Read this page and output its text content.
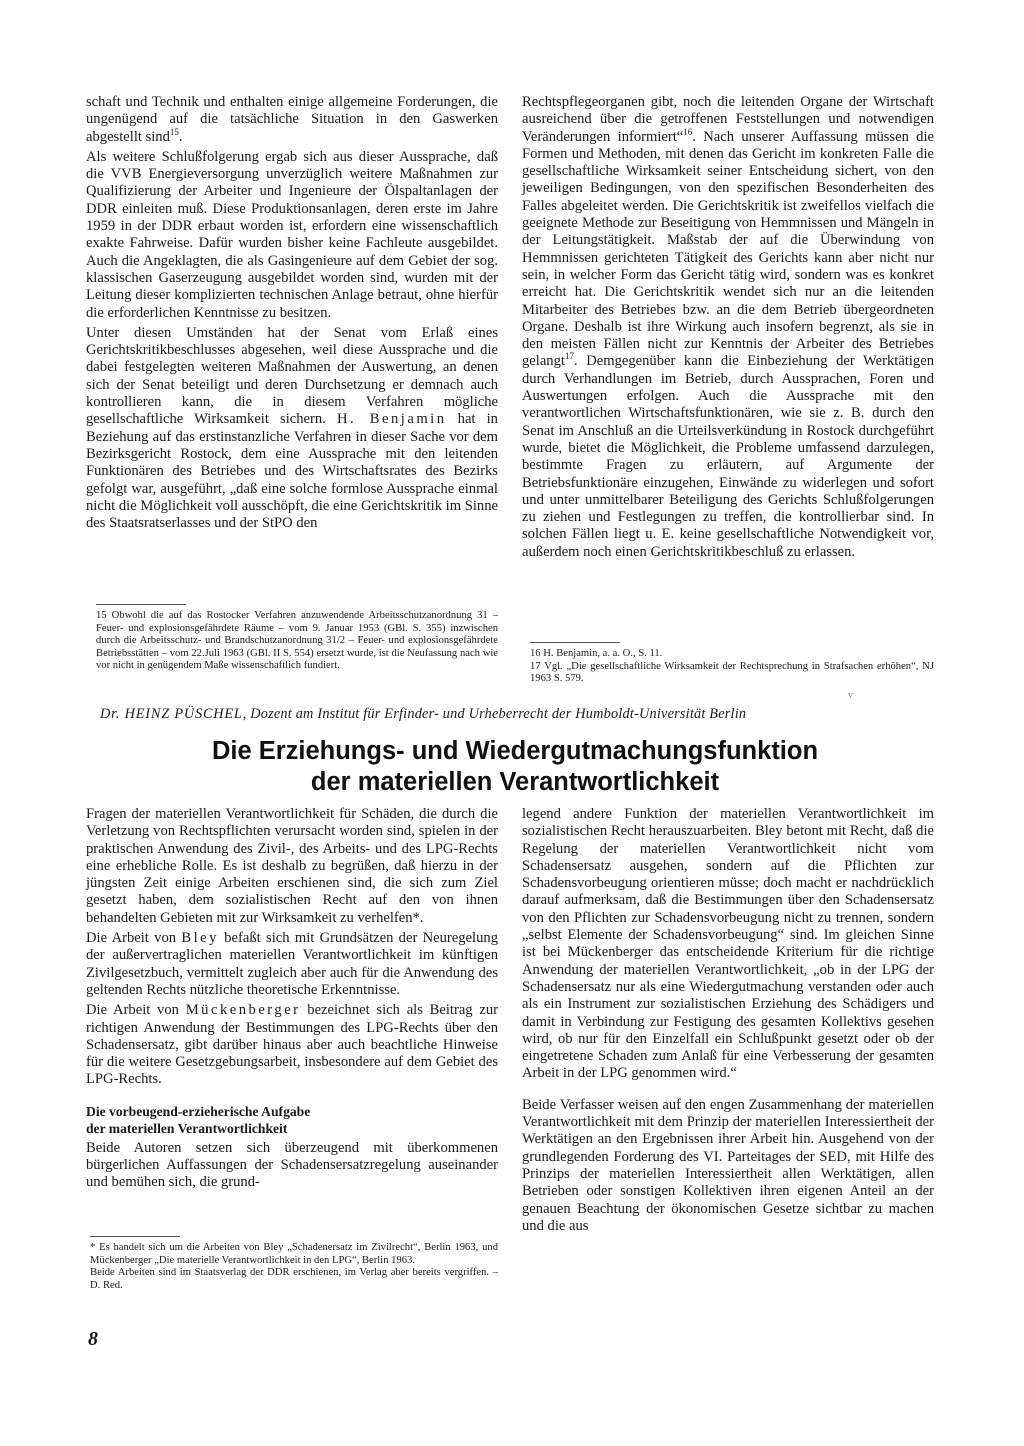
schaft und Technik und enthalten einige allgemeine Forderungen, die ungenügend auf die tatsächliche Situation in den Gaswerken abgestellt sind$^{15}$.

Als weitere Schlußfolgerung ergab sich aus dieser Aussprache, daß die VVB Energieversorgung unverzüglich weitere Maßnahmen zur Qualifizierung der Arbeiter und Ingenieure der Ölspaltanlagen der DDR einleiten muß. Diese Produktionsanlagen, deren erste im Jahre 1959 in der DDR erbaut worden ist, erfordern eine wissenschaftlich exakte Fahrweise. Dafür wurden bisher keine Fachleute ausgebildet. Auch die Angeklagten, die als Gasingenieure auf dem Gebiet der sog. klassischen Gaserzeugung ausgebildet worden sind, wurden mit der Leitung dieser komplizierten technischen Anlage betraut, ohne hierfür die erforderlichen Kenntnisse zu besitzen.

Unter diesen Umständen hat der Senat vom Erlaß eines Gerichtskritikbeschlusses abgesehen, weil diese Aussprache und die dabei festgelegten weiteren Maßnahmen der Auswertung, an denen sich der Senat beteiligt und deren Durchsetzung er demnach auch kontrollieren kann, die in diesem Verfahren mögliche gesellschaftliche Wirksamkeit sichern. H. Benjamin hat in Beziehung auf das erstinstanzliche Verfahren in dieser Sache vor dem Bezirksgericht Rostock, dem eine Aussprache mit den leitenden Funktionären des Betriebes und des Wirtschaftsrates des Bezirks gefolgt war, ausgeführt, „daß eine solche formlose Aussprache einmal nicht die Möglichkeit voll ausschöpft, die eine Gerichtskritik im Sinne des Staatsratserlasses und der StPO den

15 Obwohl die auf das Rostocker Verfahren anzuwendende Arbeitsschutzanordnung 31 – Feuer- und explosionsgefährdete Räume – vom 9. Januar 1953 (GBl. S. 355) inzwischen durch die Arbeitsschutz- und Brandschutzanordnung 31/2 – Feuer- und explosionsgefährdete Betriebsstätten – vom 22.Juli 1963 (GBl. II S. 554) ersetzt wurde, ist die Neufassung nach wie vor nicht in genügendem Maße wissenschaftlich fundiert.

Rechtspflegeorganen gibt, noch die leitenden Organe der Wirtschaft ausreichend über die getroffenen Feststellungen und notwendigen Veränderungen informiert“$^{16}$. Nach unserer Auffassung müssen die Formen und Methoden, mit denen das Gericht im konkreten Falle die gesellschaftliche Wirksamkeit seiner Entscheidung sichert, von den jeweiligen Bedingungen, von den spezifischen Besonderheiten des Falles abgeleitet werden. Die Gerichtskritik ist zweifellos vielfach die geeignete Methode zur Beseitigung von Hemmnissen und Mängeln in der Leitungstätigkeit. Maßstab der auf die Überwindung von Hemmnissen gerichteten Tätigkeit des Gerichts kann aber nicht nur sein, in welcher Form das Gericht tätig wird, sondern was es konkret erreicht hat. Die Gerichtskritik wendet sich nur an die leitenden Mitarbeiter des Betriebes bzw. an die dem Betrieb übergeordneten Organe. Deshalb ist ihre Wirkung auch insofern begrenzt, als sie in den meisten Fällen nicht zur Kenntnis der Arbeiter des Betriebes gelangt$^{17}$. Demgegenüber kann die Einbeziehung der Werktätigen durch Verhandlungen im Betrieb, durch Aussprachen, Foren und Auswertungen erfolgen. Auch die Aussprache mit den verantwortlichen Wirtschaftsfunktionären, wie sie z. B. durch den Senat im Anschluß an die Urteilsverkündung in Rostock durchgeführt wurde, bietet die Möglichkeit, die Probleme umfassend darzulegen, bestimmte Fragen zu erläutern, auf Argumente der Betriebsfunktionäre einzugehen, Einwände zu widerlegen und sofort und unter unmittelbarer Beteiligung des Gerichts Schlußfolgerungen zu ziehen und Festlegungen zu treffen, die kontrollierbar sind. In solchen Fällen liegt u. E. keine gesellschaftliche Notwendigkeit vor, außerdem noch einen Gerichtskritikbeschluß zu erlassen.

16 H. Benjamin, a. a. O., S. 11.

17 Vgl. „Die gesellschaftliche Wirksamkeit der Rechtsprechung in Strafsachen erhöhen“, NJ 1963 S. 579.

v
Dr. HEINZ PÜSCHEL, Dozent am Institut für Erfinder- und Urheberrecht der Humboldt-Universität Berlin
Die Erziehungs- und Wiedergutmachungsfunktion
der materiellen Verantwortlichkeit

Fragen der materiellen Verantwortlichkeit für Schäden, die durch die Verletzung von Rechtspflichten verursacht worden sind, spielen in der praktischen Anwendung des Zivil-, des Arbeits- und des LPG-Rechts eine erhebliche Rolle. Es ist deshalb zu begrüßen, daß hierzu in der jüngsten Zeit einige Arbeiten erschienen sind, die sich zum Ziel gesetzt haben, dem sozialistischen Recht auf den von ihnen behandelten Gebieten mit zur Wirksamkeit zu verhelfen*.

Die Arbeit von Bley befaßt sich mit Grundsätzen der Neuregelung der außervertraglichen materiellen Verantwortlichkeit im künftigen Zivilgesetzbuch, vermittelt zugleich aber auch für die Anwendung des geltenden Rechts nützliche theoretische Erkenntnisse.

Die Arbeit von Mückenberger bezeichnet sich als Beitrag zur richtigen Anwendung der Bestimmungen des LPG-Rechts über den Schadensersatz, gibt darüber hinaus aber auch beachtliche Hinweise für die weitere Gesetzgebungsarbeit, insbesondere auf dem Gebiet des LPG-Rechts.

Die vorbeugend-erzieherische Aufgabe
der materiellen Verantwortlichkeit

Beide Autoren setzen sich überzeugend mit überkommenen bürgerlichen Auffassungen der Schadensersatzregelung auseinander und bemühen sich, die grund-

* Es handelt sich um die Arbeiten von Bley „Schadenersatz im Zivilrecht“, Berlin 1963, und Mückenberger „Die materielle Verantwortlichkeit in den LPG“, Berlin 1963.

Beide Arbeiten sind im Staatsverlag der DDR erschienen, im Verlag aber bereits vergriffen. – D. Red.

legend andere Funktion der materiellen Verantwortlichkeit im sozialistischen Recht herauszuarbeiten. Bley betont mit Recht, daß die Regelung der materiellen Verantwortlichkeit nicht vom Schadensersatz ausgehen, sondern auf die Pflichten zur Schadensvorbeugung orientieren müsse; doch macht er nachdrücklich darauf aufmerksam, daß die Bestimmungen über den Schadensersatz von den Pflichten zur Schadensvorbeugung nicht zu trennen, sondern „selbst Elemente der Schadensvorbeugung“ sind. Im gleichen Sinne ist bei Mückenberger das entscheidende Kriterium für die richtige Anwendung der materiellen Verantwortlichkeit, „ob in der LPG der Schadensersatz nur als eine Wiedergutmachung verstanden oder auch als ein Instrument zur sozialistischen Erziehung des Schädigers und damit in Verbindung zur Festigung des gesamten Kollektivs gesehen wird, ob nur für den Einzelfall ein Schlußpunkt gesetzt oder ob der eingetretene Schaden zum Anlaß für eine Verbesserung der gesamten Arbeit in der LPG genommen wird.“

Beide Verfasser weisen auf den engen Zusammenhang der materiellen Verantwortlichkeit mit dem Prinzip der materiellen Interessiertheit der Werktätigen an den Ergebnissen ihrer Arbeit hin. Ausgehend von der grundlegenden Forderung des VI. Parteitages der SED, mit Hilfe des Prinzips der materiellen Interessiertheit allen Werktätigen, allen Betrieben oder sonstigen Kollektiven ihren eigenen Anteil an der genauen Beachtung der ökonomischen Gesetze sichtbar zu machen und die aus

8
